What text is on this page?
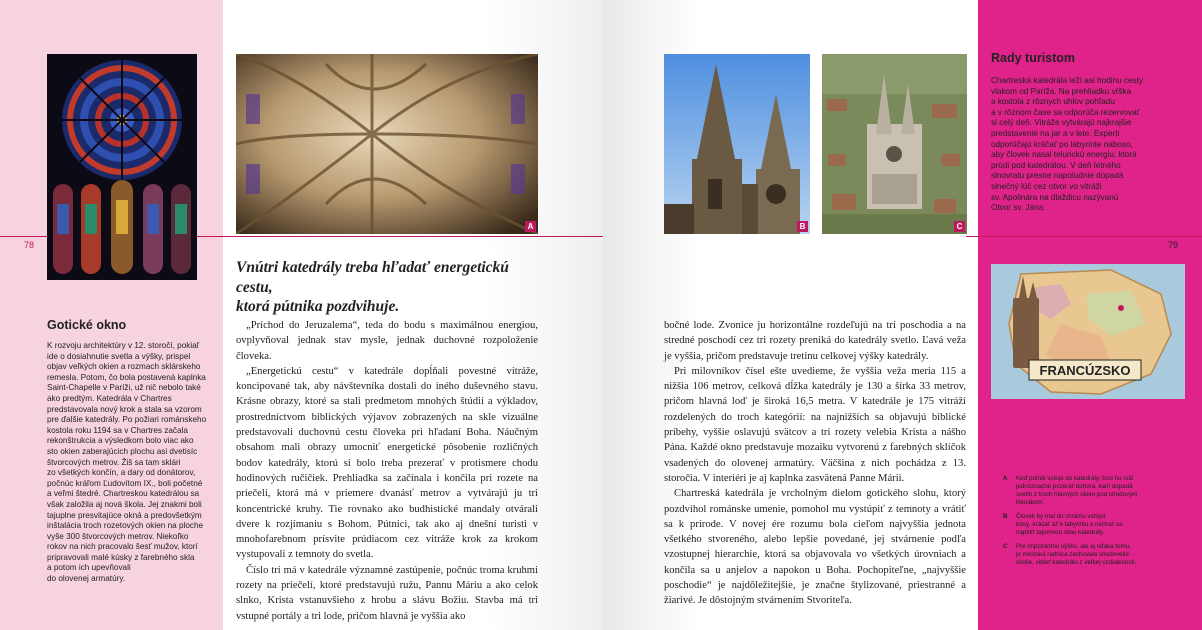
78
Gotické okno
K rozvoju architektúry v 12. storočí, pokiaľ
ide o dosiahnutie svetla a výšky, prispel
objav veľkých okien a rozmach sklárskeho
remesla. Potom, čo bola postavená kaplnka
Saint-Chapelle v Paríži, už nič nebolo také
ako predtým. Katedrála v Chartres
predstavovala nový krok a stala sa vzorom
pre ďalšie katedrály. Po požiari románskeho
kostola roku 1194 sa v Chartres začala
rekonštrukcia a výsledkom bolo viac ako
sto okien zaberajúcich plochu asi dvetisíc
štvorcových metrov. Žiš sa tam sklári
zo všetkých končín, a dary od donátorov,
počnúc kráľom Ľudovítom IX., boli početné
a veľmi štedré. Chartreskou katedrálou sa
však založila aj nová škola. Jej znakmi boli
tajuplne presvitajúce okná a predovšetkým
inštalácia troch rozetových okien na ploche
vyše 300 štvorcových metrov. Niekoľko
rokov na nich pracovalo šesť mužov, ktorí
pripravovali malé kúsky z farebného skla
a potom ich upevňovali
do olovenej armatúry.
A	B	C
Vnútri katedrály treba hľadať energetickú cestu,
ktorá pútnika pozdvihuje.

„Príchod do Jeruzalema“, teda do bodu s maximálnou energiou, ovplyvňoval jednak stav mysle, jednak duchovné rozpoloženie človeka.

„Energetickú cestu“ v katedrále dopĺňali povestné vitráže, koncipované tak, aby návštevníka dostali do iného duševného stavu. Krásne obrazy, ktoré sa stali predmetom mnohých štúdií a výkladov, prostredníctvom biblických výjavov zobrazených na skle vizuálne predstavovali duchovnú cestu človeka pri hľadaní Boha. Náučným obsahom mali obrazy umocniť energetické pôsobenie rozličných bodov katedrály, ktorú si bolo treba prezerať v protismere chodu hodinových ručičiek. Prehliadka sa začínala i končila pri rozete na priečeli, ktorá má v priemere dvanásť metrov a vytvárajú ju tri koncentrické kruhy. Tie rovnako ako budhistické mandaly otvárali dvere k rozjímaniu s Bohom. Pútnici, tak ako aj dnešní turisti v mnohofarebnom prísvite prúdiacom cez vitráže krok za krokom vystupovali z temnoty do svetla.

Číslo tri má v katedrále významné zastúpenie, počnúc troma kruhmi rozety na priečelí, ktoré predstavujú ružu, Pannu Máriu a ako celok slnko, Krista vstanuvšieho z hrobu a slávu Božiu. Stavba má tri vstupné portály a tri lode, pričom hlavná je vyššia ako

bočné lode. Zvonice ju horizontálne rozdeľujú na tri poschodia a na stredné poschodí cez tri rozety preniká do katedrály svetlo. Ľavá veža je vyššia, pričom predstavuje tretinu celkovej výšky katedrály.

Pri milovníkov čísel ešte uvedieme, že vyššia veža meria 115 a nižšia 106 metrov, celková dĺžka katedrály je 130 a šírka 33 metrov, pričom hlavná loď je široká 16,5 metra. V katedrále je 175 vitráží rozdelených do troch kategórií: na najnižších sa objavujú biblické príbehy, vyššie oslavujú svätcov a tri rozety velebia Krista a nášho Pána. Každé okno predstavuje mozaiku vytvorenú z farebných sklíčok vsadených do olovenej armatúry. Väčšina z nich pochádza z 13. storočia. V interiéri je aj kaplnka zasvätená Panne Márii.

Chartreská katedrála je vrcholným dielom gotického slohu, ktorý pozdvihol románske umenie, pomohol mu vystúpiť z temnoty a vrátiť sa k prírode. V novej ére rozumu bola cieľom najvyššia jednota všetkého stvoreného, alebo lepšie povedané, jej stvárnenie podľa vzostupnej hierarchie, ktorá sa objavovala vo všetkých úrovniach a končila sa u anjelov a napokon u Boha. Pochopiteľne, „najvyššie poschodie“ je najdôležitejšie, je značne štylizované, priestranné a žiarivé. Je dôstojným stvárnením Stvoriteľa.

Rady turistom
Chartreská katedrála leží asi hodinu cesty
vlakom od Paríža. Na prehliadku vŕška
a kostola z rôznych uhlov pohľadu
a v rôznom čase sa odporúča rezervovať
si celý deň. Vitráže vytvárajú najkrajšie
predstavenie na jar a v lete. Experti
odporúčajú kráčať po labyrinte naboso,
aby človek nasal telurickú energiu, ktorá
prúdi pod katedrálou. V deň letného
slnovratu presne napoludnie dopadá
slnečný lúč cez otvor vo vitráži
sv. Apolinára na dlaždicu nazývanú
Otvor sv. Jána.
79
FRANCÚZSKO
A Keď pútnik vstúpi do katedrály, čosi ho núti
jednoznačne pozerať dohora, kam dopadá
svetlo z troch hlavných okien pod stredovým
klenákom.
B Človek by mal do chrámu vstúpiť
bosý, kráčať až k labyrintu a nechať sa
naplniť tajomnou silou katedrály.
C Pre impozantnú výšku, ale aj vďaka tomu,
je mestská radnica zachovala stredoveké
okolie, vidieť katedrálu z veľkej vzdialenosti.
